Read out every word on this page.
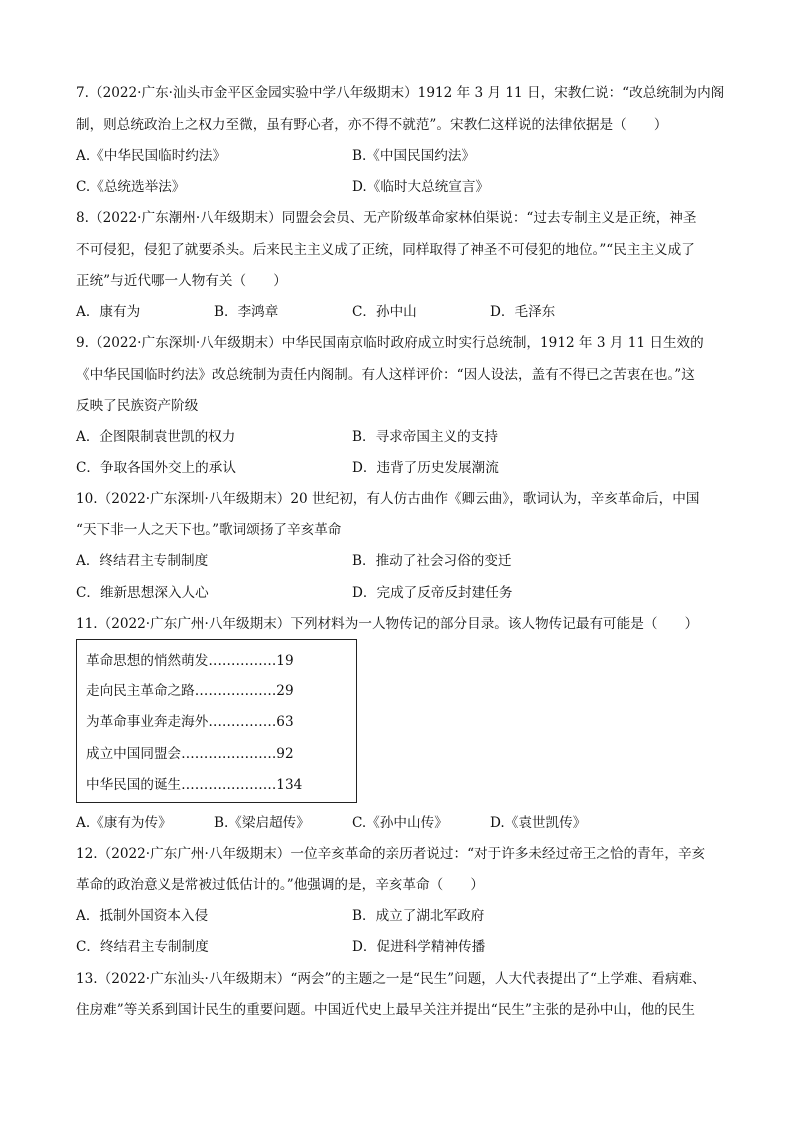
7.（2022·广东·汕头市金平区金园实验中学八年级期末）1912 年 3 月 11 日，宋教仁说：“改总统制为内阁
制，则总统政治上之权力至微，虽有野心者，亦不得不就范”。宋教仁这样说的法律依据是（　　）
A.《中华民国临时约法》	B.《中国民国约法》
C.《总统选举法》	D.《临时大总统宣言》
8.（2022·广东潮州·八年级期末）同盟会会员、无产阶级革命家林伯渠说：“过去专制主义是正统，神圣
不可侵犯，侵犯了就要杀头。后来民主主义成了正统，同样取得了神圣不可侵犯的地位。”“民主主义成了
正统”与近代哪一人物有关（　　）
A．康有为	B．李鸿章	C．孙中山	D．毛泽东
9.（2022·广东深圳·八年级期末）中华民国南京临时政府成立时实行总统制，1912 年 3 月 11 日生效的
《中华民国临时约法》改总统制为责任内阁制。有人这样评价：“因人设法，盖有不得已之苦衷在也。”这
反映了民族资产阶级
A．企图限制袁世凯的权力	B．寻求帝国主义的支持
C．争取各国外交上的承认	D．违背了历史发展潮流
10.（2022·广东深圳·八年级期末）20 世纪初，有人仿古曲作《卿云曲》，歌词认为，辛亥革命后，中国
“天下非一人之天下也。”歌词颂扬了辛亥革命
A．终结君主专制制度	B．推动了社会习俗的变迁
C．维新思想深入人心	D．完成了反帝反封建任务
11.（2022·广东广州·八年级期末）下列材料为一人物传记的部分目录。该人物传记最有可能是（　　）
革命思想的悄然萌发……………19
走向民主革命之路………………29
为革命事业奔走海外……………63
成立中国同盟会…………………92
中华民国的诞生…………………134
A.《康有为传》	B.《梁启超传》	C.《孙中山传》	D.《袁世凯传》
12.（2022·广东广州·八年级期末）一位辛亥革命的亲历者说过：“对于许多未经过帝王之恰的青年，辛亥
革命的政治意义是常被过低估计的。”他强调的是，辛亥革命（　　）
A．抵制外国资本入侵	B．成立了湖北军政府
C．终结君主专制制度	D．促进科学精神传播
13.（2022·广东汕头·八年级期末）“两会”的主题之一是“民生”问题，人大代表提出了“上学难、看病难、
住房难”等关系到国计民生的重要问题。中国近代史上最早关注并提出“民生”主张的是孙中山，他的民生
